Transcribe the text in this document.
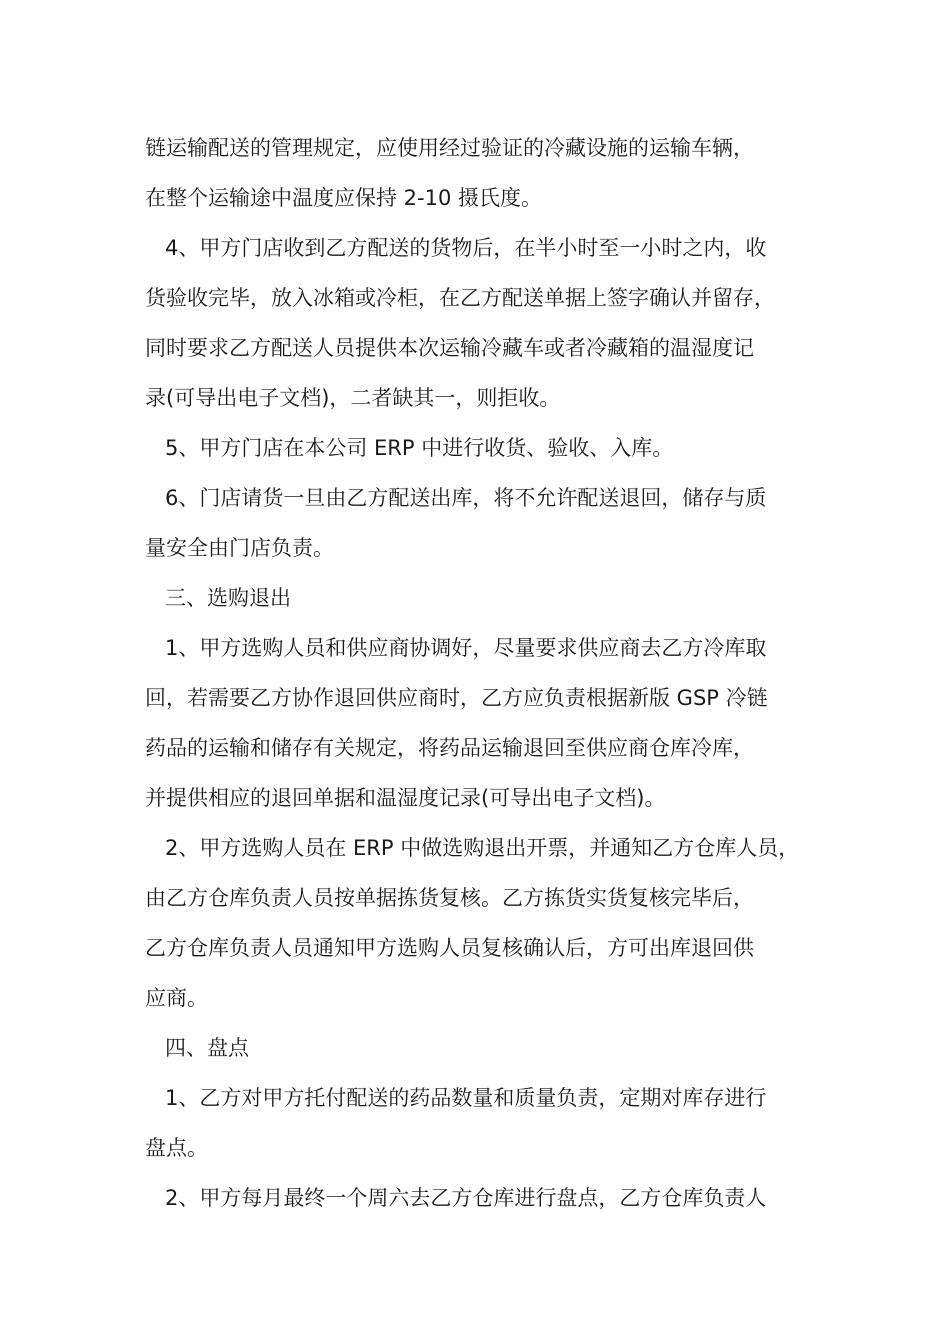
链运输配送的管理规定，应使用经过验证的冷藏设施的运输车辆，
在整个运输途中温度应保持 2-10 摄氏度。
4、甲方门店收到乙方配送的货物后，在半小时至一小时之内，收
货验收完毕，放入冰箱或冷柜，在乙方配送单据上签字确认并留存，
同时要求乙方配送人员提供本次运输冷藏车或者冷藏箱的温湿度记
录(可导出电子文档)，二者缺其一，则拒收。
5、甲方门店在本公司 ERP 中进行收货、验收、入库。
6、门店请货一旦由乙方配送出库，将不允许配送退回，储存与质
量安全由门店负责。
三、选购退出
1、甲方选购人员和供应商协调好，尽量要求供应商去乙方冷库取
回，若需要乙方协作退回供应商时，乙方应负责根据新版 GSP 冷链
药品的运输和储存有关规定，将药品运输退回至供应商仓库冷库，
并提供相应的退回单据和温湿度记录(可导出电子文档)。
2、甲方选购人员在 ERP 中做选购退出开票，并通知乙方仓库人员，
由乙方仓库负责人员按单据拣货复核。乙方拣货实货复核完毕后，
乙方仓库负责人员通知甲方选购人员复核确认后，方可出库退回供
应商。
四、盘点
1、乙方对甲方托付配送的药品数量和质量负责，定期对库存进行
盘点。
2、甲方每月最终一个周六去乙方仓库进行盘点，乙方仓库负责人
